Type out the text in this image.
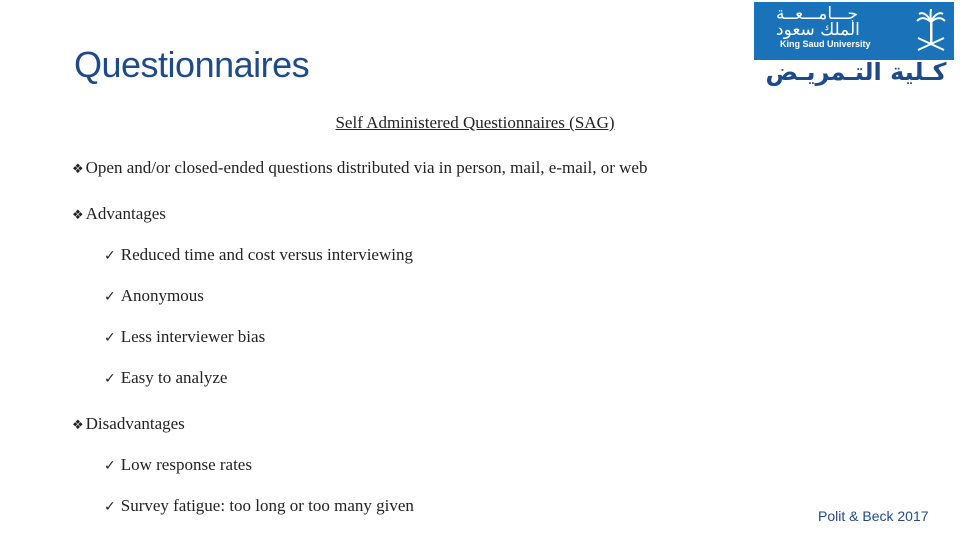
Questionnaires
جـــامـــعــة
الملك سعود
King Saud University
كـلية التـمريـض
Self Administered Questionnaires (SAG)
❖ Open and/or closed-ended questions distributed via in person, mail, e-mail, or web
❖ Advantages
✓ Reduced time and cost versus interviewing
✓ Anonymous
✓ Less interviewer bias
✓ Easy to analyze
❖ Disadvantages
✓ Low response rates
✓ Survey fatigue: too long or too many given
Polit & Beck 2017
